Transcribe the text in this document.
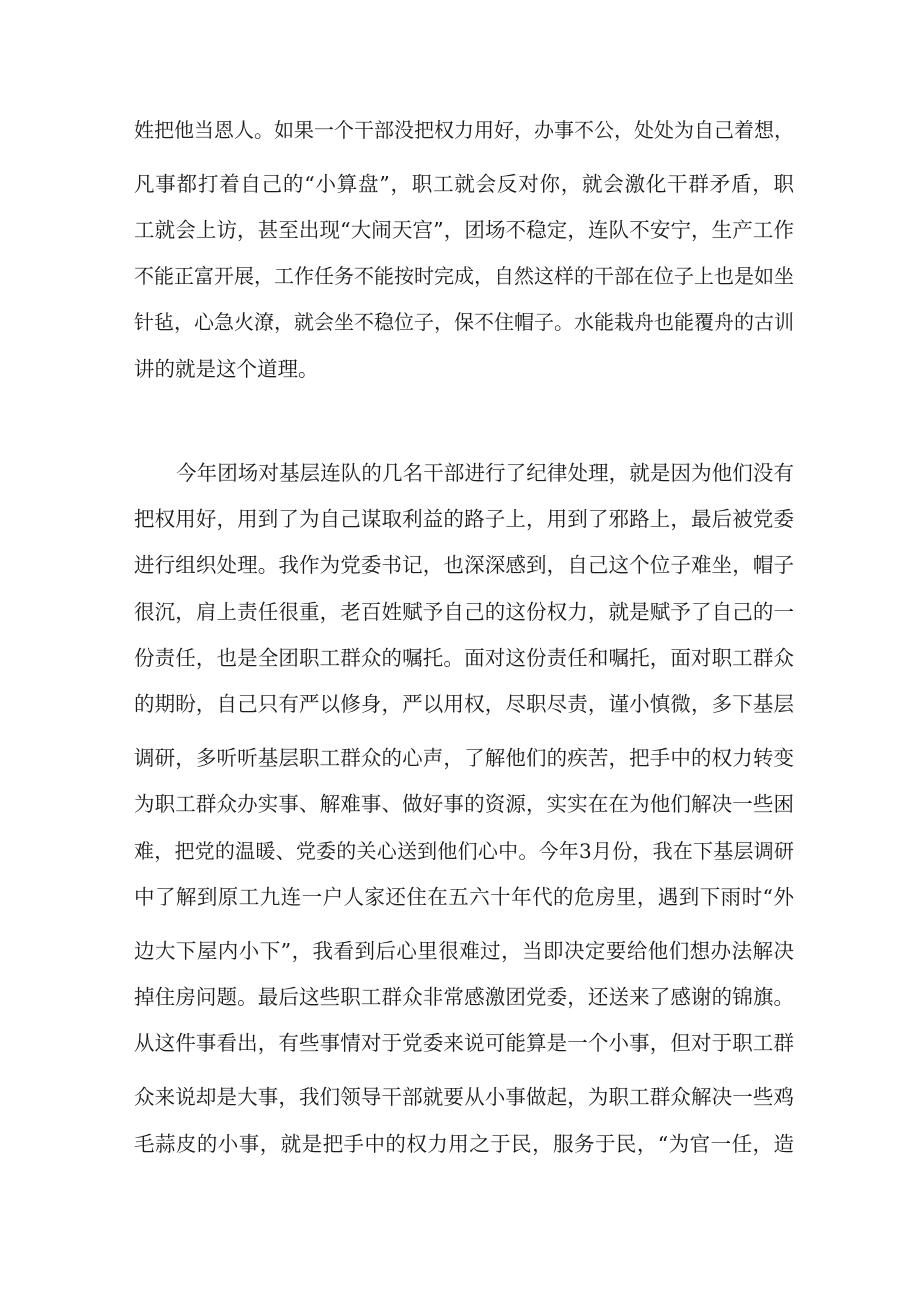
姓把他当恩人。如果一个干部没把权力用好，办事不公，处处为自己着想，
凡事都打着自己的“小算盘”，职工就会反对你，就会激化干群矛盾，职
工就会上访，甚至出现“大闹天宫”，团场不稳定，连队不安宁，生产工作
不能正富开展，工作任务不能按时完成，自然这样的干部在位子上也是如坐
针毡，心急火潦，就会坐不稳位子，保不住帽子。水能栽舟也能覆舟的古训
讲的就是这个道理。
今年团场对基层连队的几名干部进行了纪律处理，就是因为他们没有
把权用好，用到了为自己谋取利益的路子上，用到了邪路上，最后被党委
进行组织处理。我作为党委书记，也深深感到，自己这个位子难坐，帽子
很沉，肩上责任很重，老百姓赋予自己的这份权力，就是赋予了自己的一
份责任，也是全团职工群众的嘱托。面对这份责任和嘱托，面对职工群众
的期盼，自己只有严以修身，严以用权，尽职尽责，谨小慎微，多下基层
调研，多听听基层职工群众的心声，了解他们的疾苦，把手中的权力转变
为职工群众办实事、解难事、做好事的资源，实实在在为他们解决一些困
难，把党的温暖、党委的关心送到他们心中。今年3月份，我在下基层调研
中了解到原工九连一户人家还住在五六十年代的危房里，遇到下雨时“外
边大下屋内小下”，我看到后心里很难过，当即决定要给他们想办法解决
掉住房问题。最后这些职工群众非常感激团党委，还送来了感谢的锦旗。
从这件事看出，有些事情对于党委来说可能算是一个小事，但对于职工群
众来说却是大事，我们领导干部就要从小事做起，为职工群众解决一些鸡
毛蒜皮的小事，就是把手中的权力用之于民，服务于民，“为官一任，造
